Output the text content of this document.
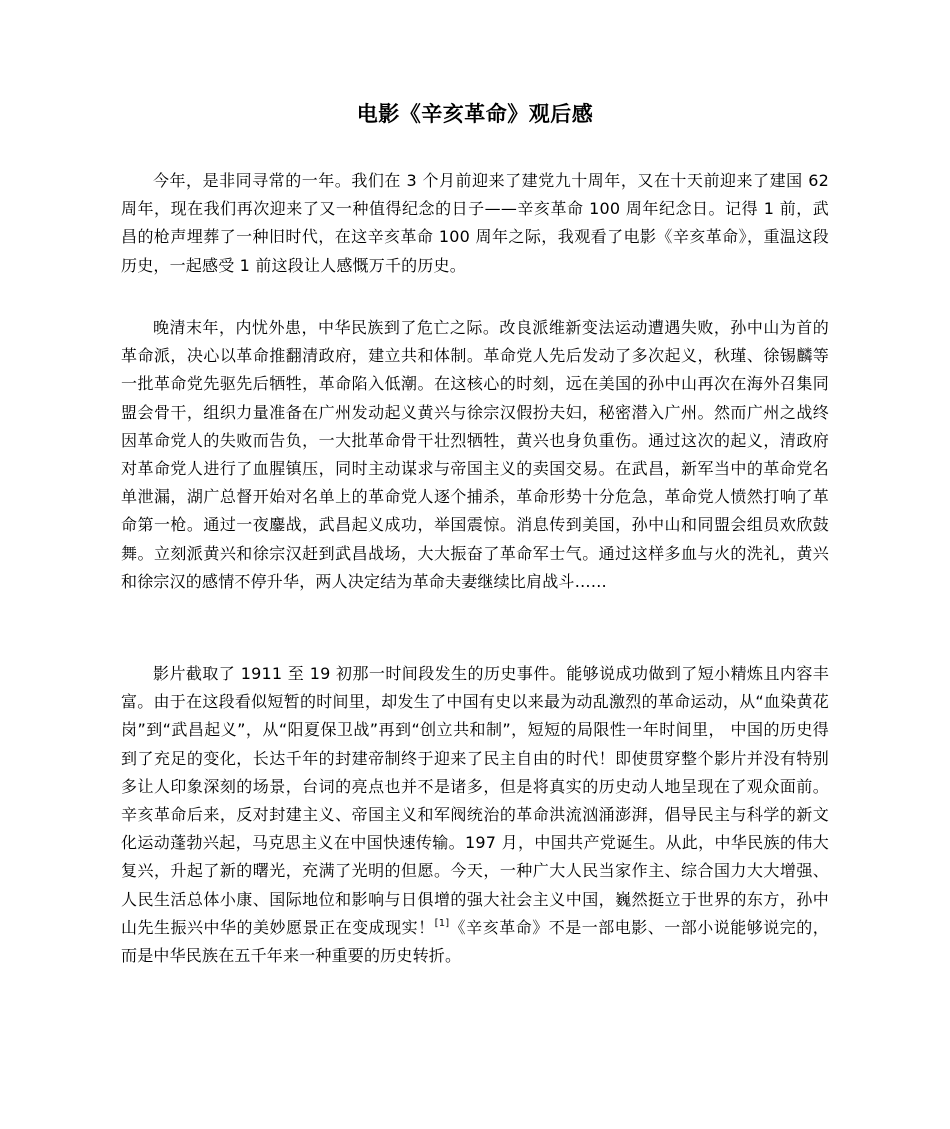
电影《辛亥革命》观后感

今年，是非同寻常的一年。我们在 3 个月前迎来了建党九十周年，又在十天前迎来了建国 62 周年，现在我们再次迎来了又一种值得纪念的日子——辛亥革命 100 周年纪念日。记得 1 前，武昌的枪声埋葬了一种旧时代，在这辛亥革命 100 周年之际，我观看了电影《辛亥革命》，重温这段历史，一起感受 1 前这段让人感慨万千的历史。

晚清末年，内忧外患，中华民族到了危亡之际。改良派维新变法运动遭遇失败，孙中山为首的革命派，决心以革命推翻清政府，建立共和体制。革命党人先后发动了多次起义，秋瑾、徐锡麟等一批革命党先驱先后牺牲，革命陷入低潮。在这核心的时刻，远在美国的孙中山再次在海外召集同盟会骨干，组织力量准备在广州发动起义黄兴与徐宗汉假扮夫妇，秘密潜入广州。然而广州之战终因革命党人的失败而告负，一大批革命骨干壮烈牺牲，黄兴也身负重伤。通过这次的起义，清政府对革命党人进行了血腥镇压，同时主动谋求与帝国主义的卖国交易。在武昌，新军当中的革命党名单泄漏，湖广总督开始对名单上的革命党人逐个捕杀，革命形势十分危急，革命党人愤然打响了革命第一枪。通过一夜鏖战，武昌起义成功，举国震惊。消息传到美国，孙中山和同盟会组员欢欣鼓舞。立刻派黄兴和徐宗汉赶到武昌战场，大大振奋了革命军士气。通过这样多血与火的洗礼，黄兴和徐宗汉的感情不停升华，两人决定结为革命夫妻继续比肩战斗……

影片截取了 1911 至 19 初那一时间段发生的历史事件。能够说成功做到了短小精炼且内容丰富。由于在这段看似短暂的时间里，却发生了中国有史以来最为动乱激烈的革命运动，从“血染黄花岗”到“武昌起义”，从“阳夏保卫战”再到“创立共和制”，短短的局限性一年时间里， 中国的历史得到了充足的变化，长达千年的封建帝制终于迎来了民主自由的时代！即使贯穿整个影片并没有特别多让人印象深刻的场景，台词的亮点也并不是诸多，但是将真实的历史动人地呈现在了观众面前。辛亥革命后来，反对封建主义、帝国主义和军阀统治的革命洪流汹涌澎湃，倡导民主与科学的新文化运动蓬勃兴起，马克思主义在中国快速传输。197 月，中国共产党诞生。从此，中华民族的伟大复兴，升起了新的曙光，充满了光明的但愿。今天，一种广大人民当家作主、综合国力大大增强、人民生活总体小康、国际地位和影响与日俱增的强大社会主义中国，巍然挺立于世界的东方，孙中山先生振兴中华的美妙愿景正在变成现实！[1]《辛亥革命》不是一部电影、一部小说能够说完的，而是中华民族在五千年来一种重要的历史转折。
